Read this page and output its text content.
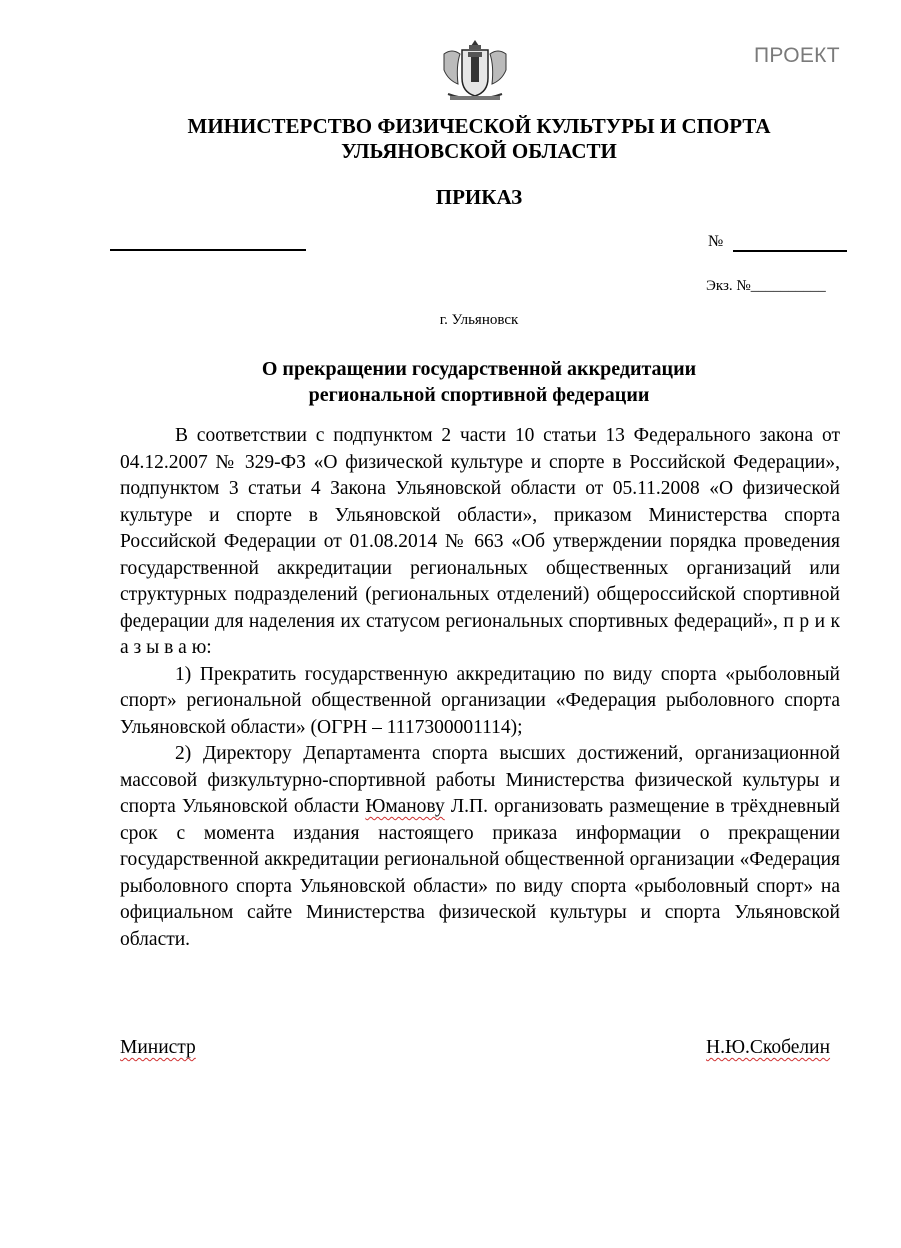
ПРОЕКТ
МИНИСТЕРСТВО ФИЗИЧЕСКОЙ КУЛЬТУРЫ И СПОРТА
УЛЬЯНОВСКОЙ ОБЛАСТИ
ПРИКАЗ
№
Экз. №__________
г. Ульяновск
О прекращении государственной аккредитации
региональной спортивной федерации

В соответствии с подпунктом 2 части 10 статьи 13 Федерального закона от 04.12.2007 № 329-ФЗ «О физической культуре и спорте в Российской Федерации», подпунктом 3 статьи 4 Закона Ульяновской области от 05.11.2008 «О физической культуре и спорте в Ульяновской области», приказом Министерства спорта Российской Федерации от 01.08.2014 № 663 «Об утверждении порядка проведения государственной аккредитации региональных общественных организаций или структурных подразделений (региональных отделений) общероссийской спортивной федерации для наделения их статусом региональных спортивных федераций», п р и к а з ы в а ю:

1) Прекратить государственную аккредитацию по виду спорта «рыболовный спорт» региональной общественной организации «Федерация рыболовного спорта Ульяновской области» (ОГРН – 1117300001114);

2) Директору Департамента спорта высших достижений, организационной массовой физкультурно-спортивной работы Министерства физической культуры и спорта Ульяновской области Юманову Л.П. организовать размещение в трёхдневный срок с момента издания настоящего приказа информации о прекращении государственной аккредитации региональной общественной организации «Федерация рыболовного спорта Ульяновской области» по виду спорта «рыболовный спорт» на официальном сайте Министерства физической культуры и спорта Ульяновской области.

Министр	Н.Ю.Скобелин
